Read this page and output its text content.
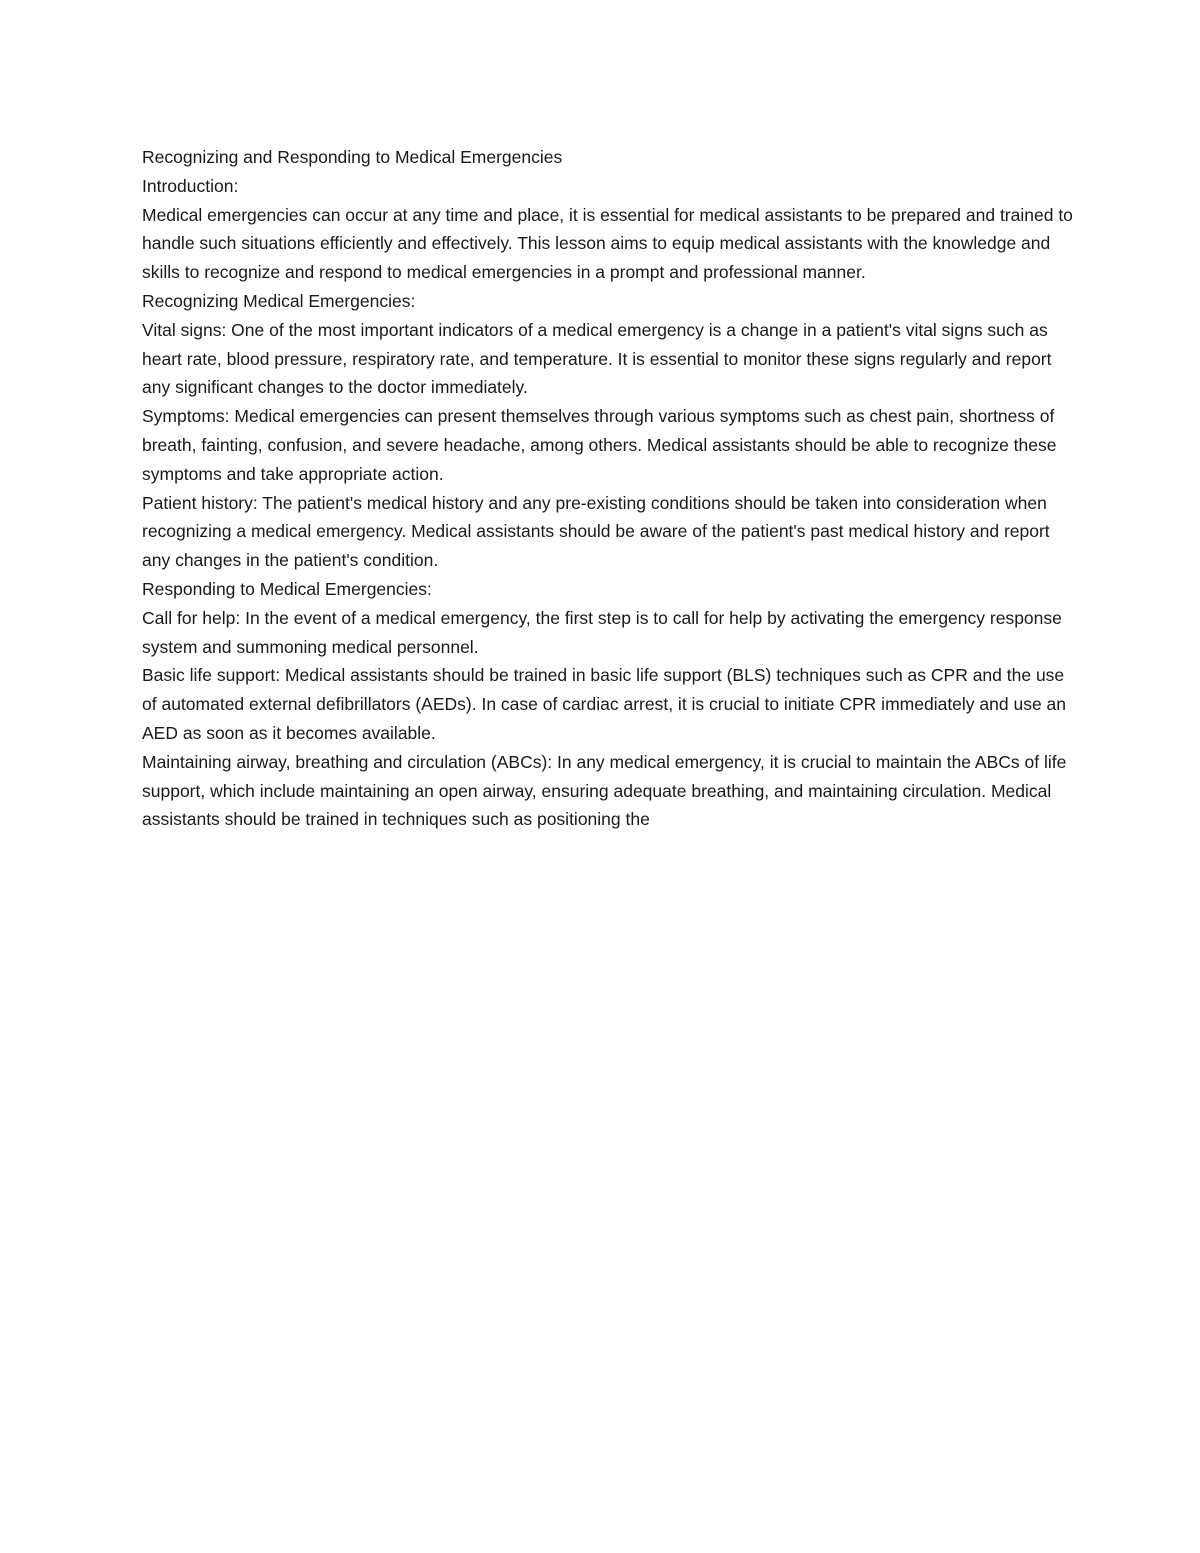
Recognizing and Responding to Medical Emergencies

Introduction:

Medical emergencies can occur at any time and place, it is essential for medical assistants to be prepared and trained to handle such situations efficiently and effectively. This lesson aims to equip medical assistants with the knowledge and skills to recognize and respond to medical emergencies in a prompt and professional manner.

Recognizing Medical Emergencies:

Vital signs: One of the most important indicators of a medical emergency is a change in a patient's vital signs such as heart rate, blood pressure, respiratory rate, and temperature. It is essential to monitor these signs regularly and report any significant changes to the doctor immediately.

Symptoms: Medical emergencies can present themselves through various symptoms such as chest pain, shortness of breath, fainting, confusion, and severe headache, among others. Medical assistants should be able to recognize these symptoms and take appropriate action.

Patient history: The patient's medical history and any pre-existing conditions should be taken into consideration when recognizing a medical emergency. Medical assistants should be aware of the patient's past medical history and report any changes in the patient's condition.

Responding to Medical Emergencies:

Call for help: In the event of a medical emergency, the first step is to call for help by activating the emergency response system and summoning medical personnel.

Basic life support: Medical assistants should be trained in basic life support (BLS) techniques such as CPR and the use of automated external defibrillators (AEDs). In case of cardiac arrest, it is crucial to initiate CPR immediately and use an AED as soon as it becomes available.

Maintaining airway, breathing and circulation (ABCs): In any medical emergency, it is crucial to maintain the ABCs of life support, which include maintaining an open airway, ensuring adequate breathing, and maintaining circulation. Medical assistants should be trained in techniques such as positioning the
